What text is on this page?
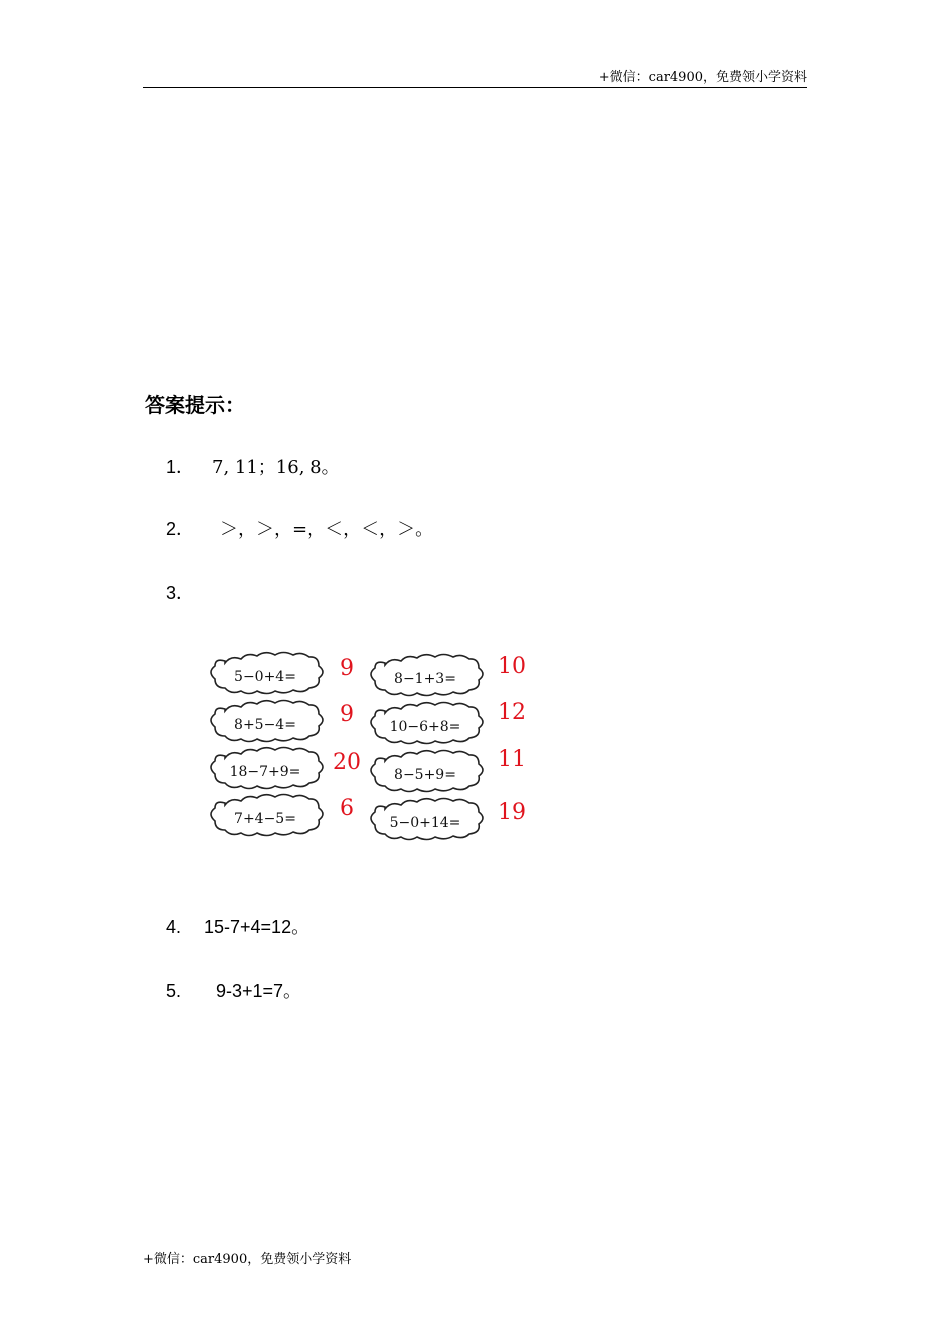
+微信：car4900，免费领小学资料
答案提示：
1． 7, 11；16, 8。
2． ＞，＞，=，＜，＜，＞。
3．
5−0+4= 9
8+5−4= 9
18−7+9= 20
7+4−5= 6
8−1+3= 10
10−6+8=
12
8−5+9=
11
5−0+14= 19
4. 15-7+4=12。
5. 9-3+1=7。
+微信：car4900，免费领小学资料
